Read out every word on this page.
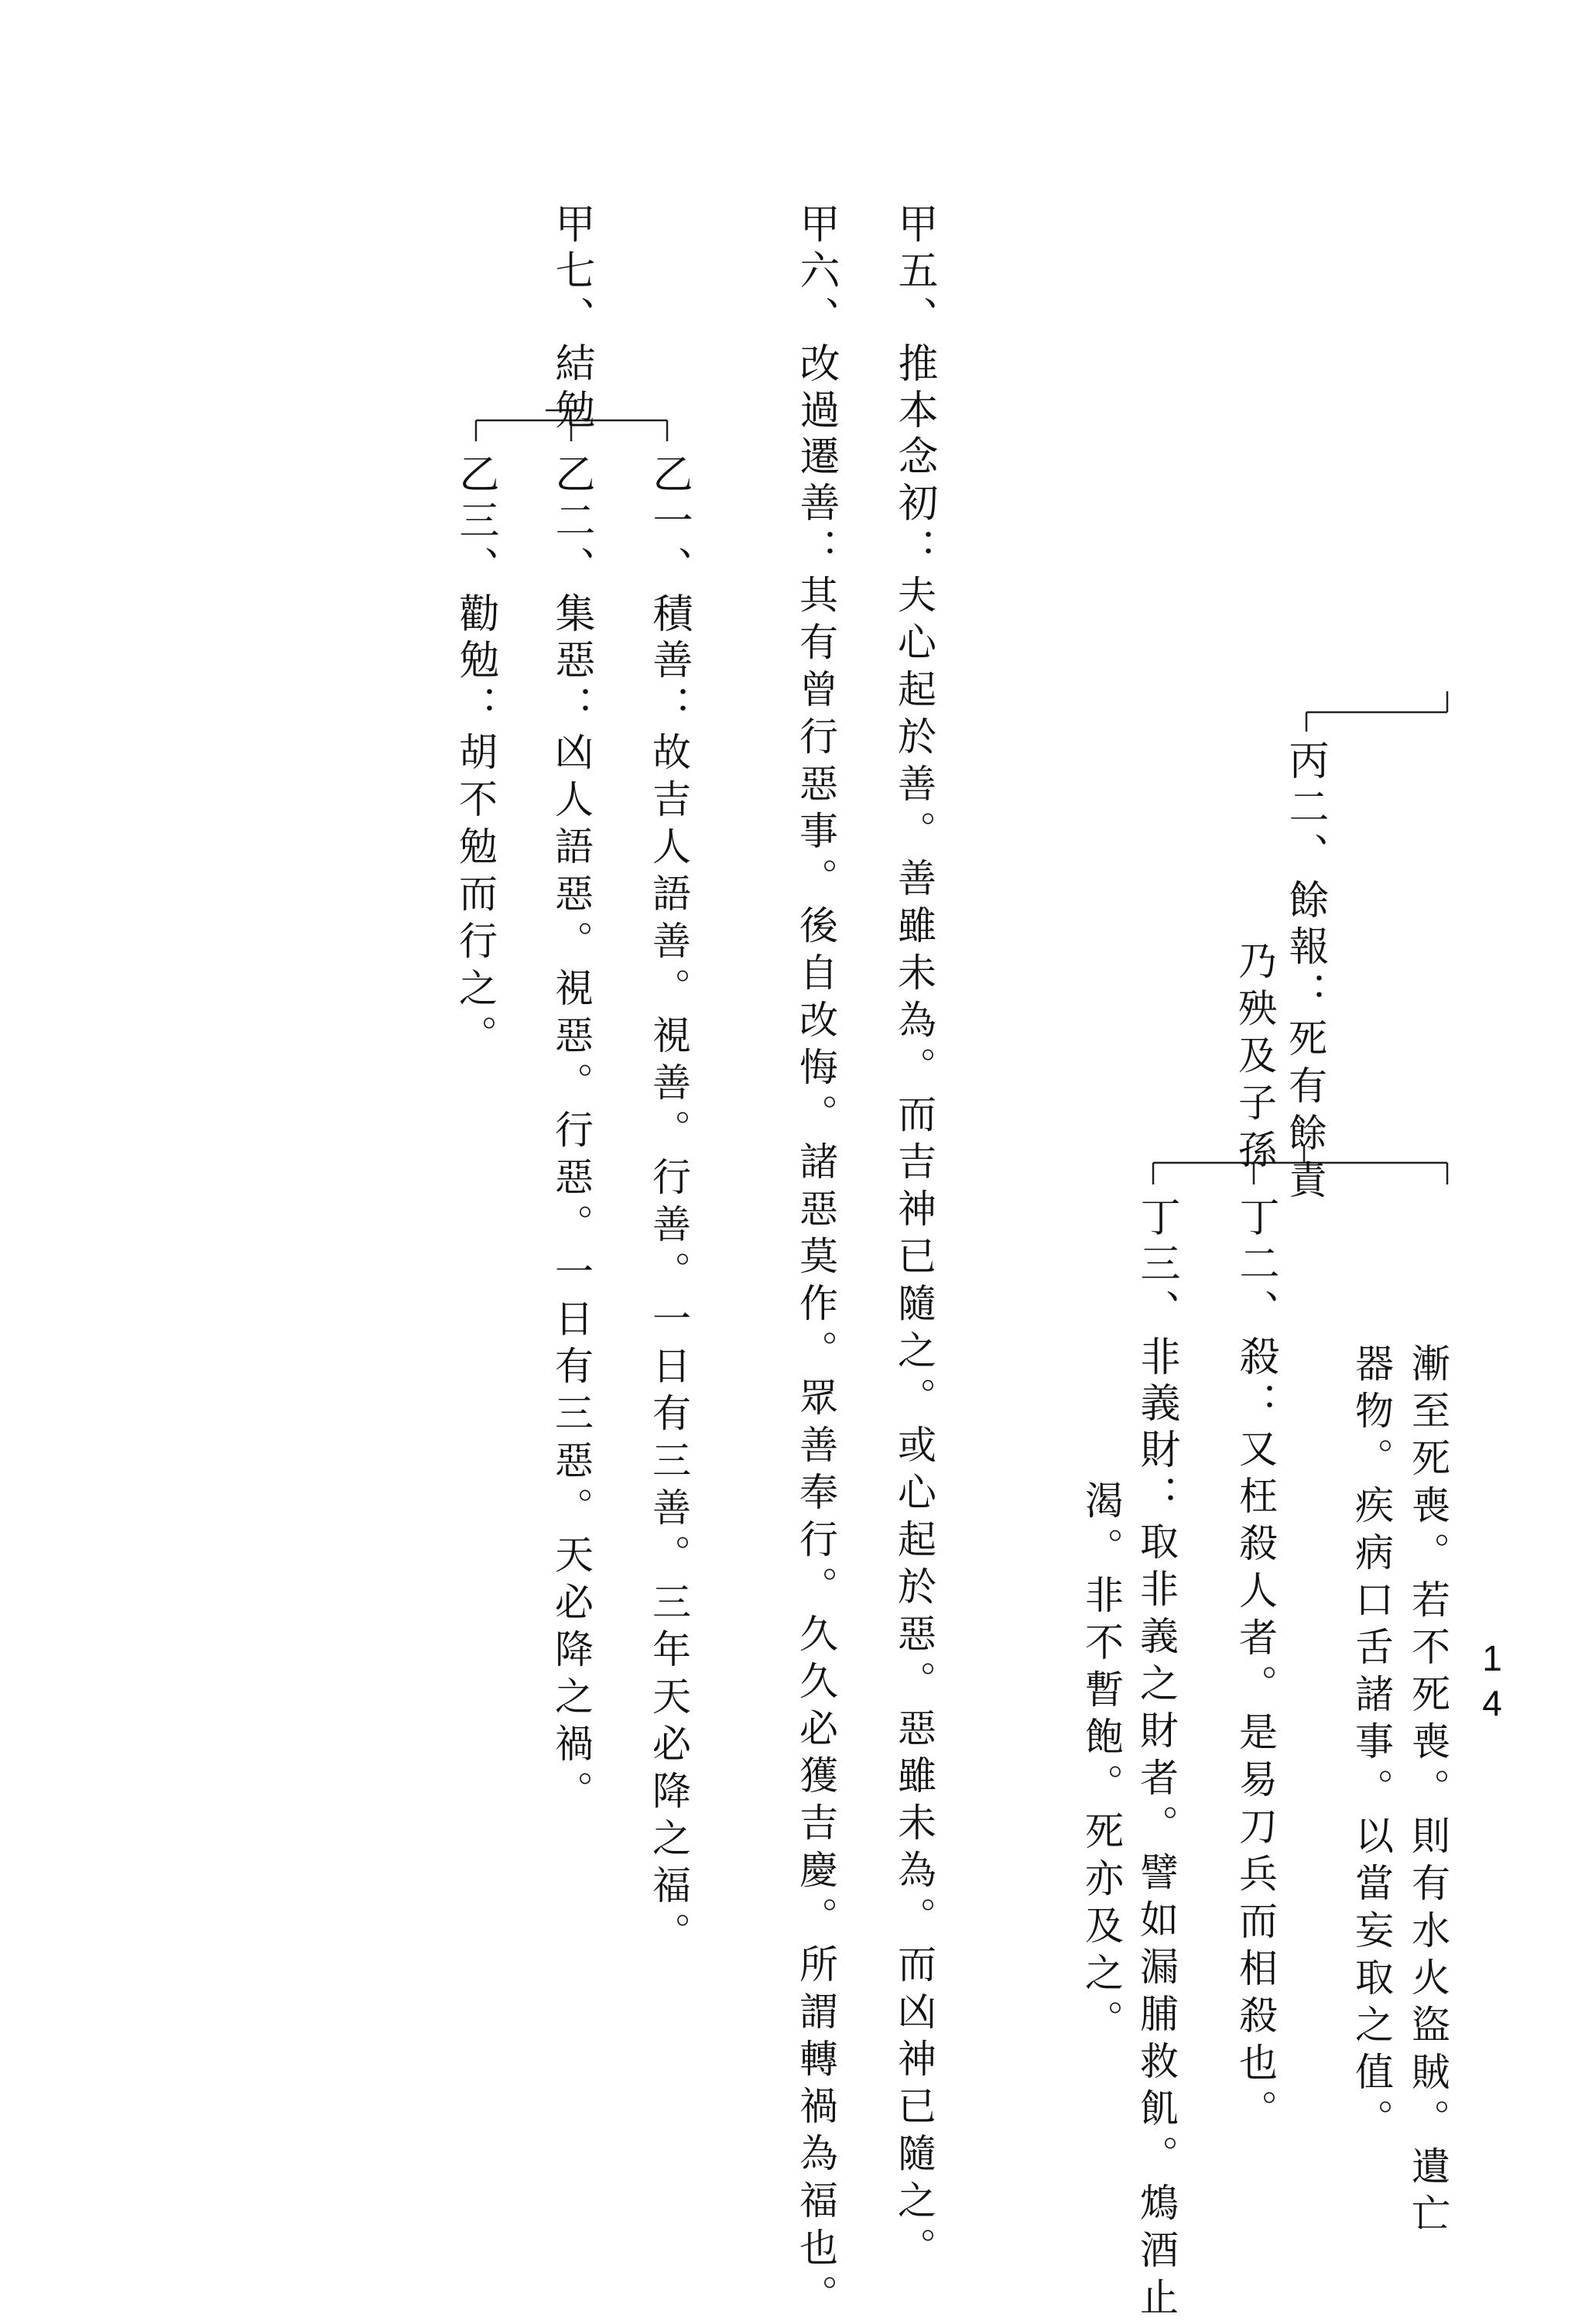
14
漸至死喪。若不死喪。則有水火盜賊。遺亡
器物。疾病口舌諸事。以當妄取之值。
丙二、餘報：死有餘責
乃殃及子孫
丁二、殺：又枉殺人者。是易刀兵而相殺也。
丁三、非義財：取非義之財者。譬如漏脯救飢。鴆酒止
渴。非不暫飽。死亦及之。
甲五、推本念初：夫心起於善。善雖未為。而吉神已隨之。或心起於惡。惡雖未為。而凶神已隨之。
甲六、改過遷善：其有曾行惡事。後自改悔。諸惡莫作。眾善奉行。久久必獲吉慶。所謂轉禍為福也。
甲七、結勉
乙一、積善：故吉人語善。視善。行善。一日有三善。三年天必降之福。
乙二、集惡：凶人語惡。視惡。行惡。一日有三惡。天必降之禍。
乙三、勸勉：胡不勉而行之。
